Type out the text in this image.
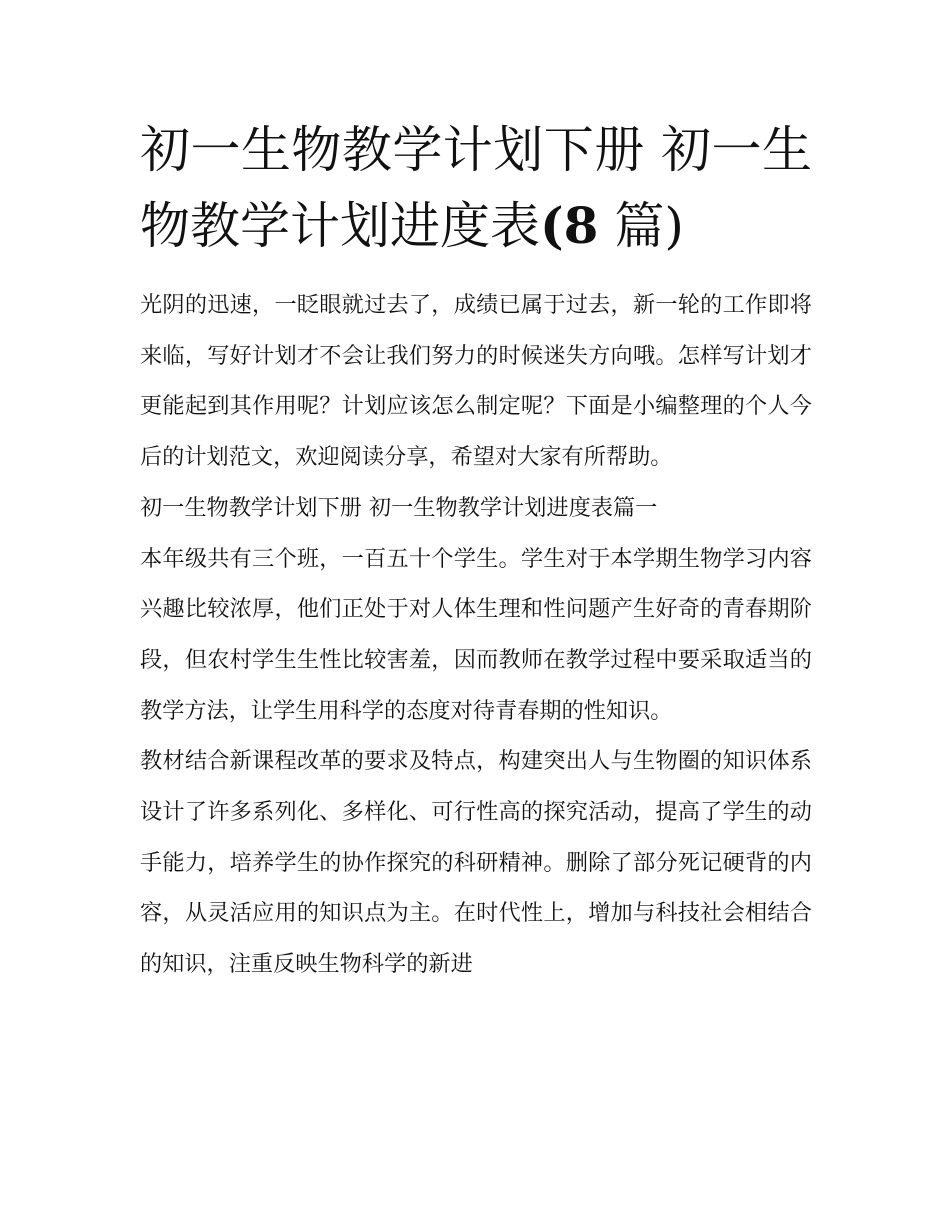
初一生物教学计划下册 初一生物教学计划进度表(8 篇)

光阴的迅速，一眨眼就过去了，成绩已属于过去，新一轮的工作即将来临，写好计划才不会让我们努力的时候迷失方向哦。怎样写计划才更能起到其作用呢？计划应该怎么制定呢？下面是小编整理的个人今后的计划范文，欢迎阅读分享，希望对大家有所帮助。

初一生物教学计划下册 初一生物教学计划进度表篇一

本年级共有三个班，一百五十个学生。学生对于本学期生物学习内容兴趣比较浓厚，他们正处于对人体生理和性问题产生好奇的青春期阶段，但农村学生生性比较害羞，因而教师在教学过程中要采取适当的教学方法，让学生用科学的态度对待青春期的性知识。

教材结合新课程改革的要求及特点，构建突出人与生物圈的知识体系设计了许多系列化、多样化、可行性高的探究活动，提高了学生的动手能力，培养学生的协作探究的科研精神。删除了部分死记硬背的内容，从灵活应用的知识点为主。在时代性上，增加与科技社会相结合的知识，注重反映生物科学的新进
